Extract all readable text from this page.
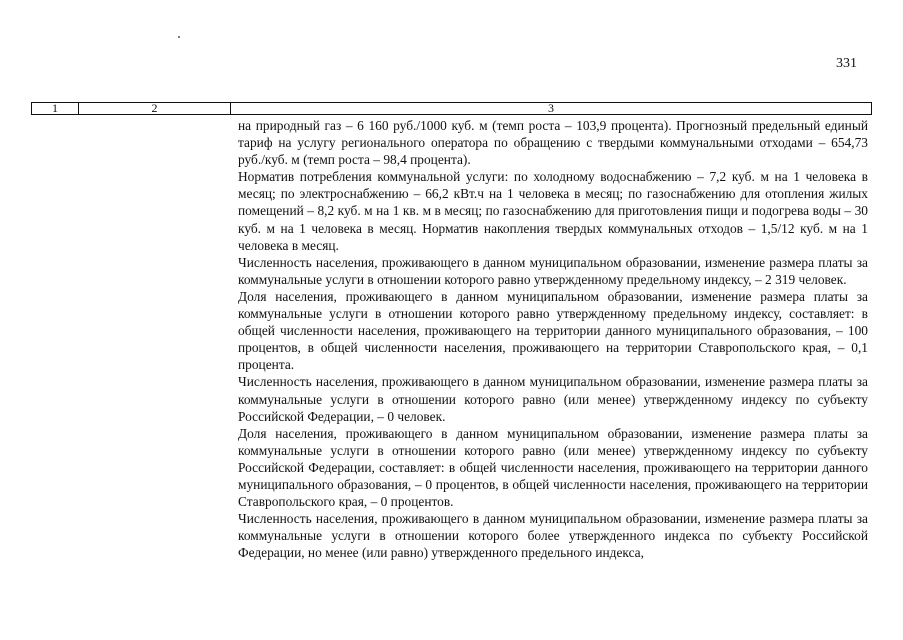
331
1	2	3

на природный газ – 6 160 руб./1000 куб. м (темп роста – 103,9 процента). Прогнозный предельный единый тариф на услугу регионального оператора по обращению с твердыми коммунальными отходами – 654,73 руб./куб. м (темп роста – 98,4 процента).

Норматив потребления коммунальной услуги: по холодному водоснабжению – 7,2 куб. м на 1 человека в месяц; по электроснабжению – 66,2 кВт.ч на 1 человека в месяц; по газоснабжению для отопления жилых помещений – 8,2 куб. м на 1 кв. м в месяц; по газоснабжению для приготовления пищи и подогрева воды – 30 куб. м на 1 человека в месяц. Норматив накопления твердых коммунальных отходов – 1,5/12 куб. м на 1 человека в месяц.

Численность населения, проживающего в данном муниципальном образовании, изменение размера платы за коммунальные услуги в отношении которого равно утвержденному предельному индексу, – 2 319 человек.

Доля населения, проживающего в данном муниципальном образовании, изменение размера платы за коммунальные услуги в отношении которого равно утвержденному предельному индексу, составляет: в общей численности населения, проживающего на территории данного муниципального образования, – 100 процентов, в общей численности населения, проживающего на территории Ставропольского края, – 0,1 процента.

Численность населения, проживающего в данном муниципальном образовании, изменение размера платы за коммунальные услуги в отношении которого равно (или менее) утвержденному индексу по субъекту Российской Федерации, – 0 человек.

Доля населения, проживающего в данном муниципальном образовании, изменение размера платы за коммунальные услуги в отношении которого равно (или менее) утвержденному индексу по субъекту Российской Федерации, составляет: в общей численности населения, проживающего на территории данного муниципального образования, – 0 процентов, в общей численности населения, проживающего на территории Ставропольского края, – 0 процентов.

Численность населения, проживающего в данном муниципальном образовании, изменение размера платы за коммунальные услуги в отношении которого более утвержденного индекса по субъекту Российской Федерации, но менее (или равно) утвержденного предельного индекса,
